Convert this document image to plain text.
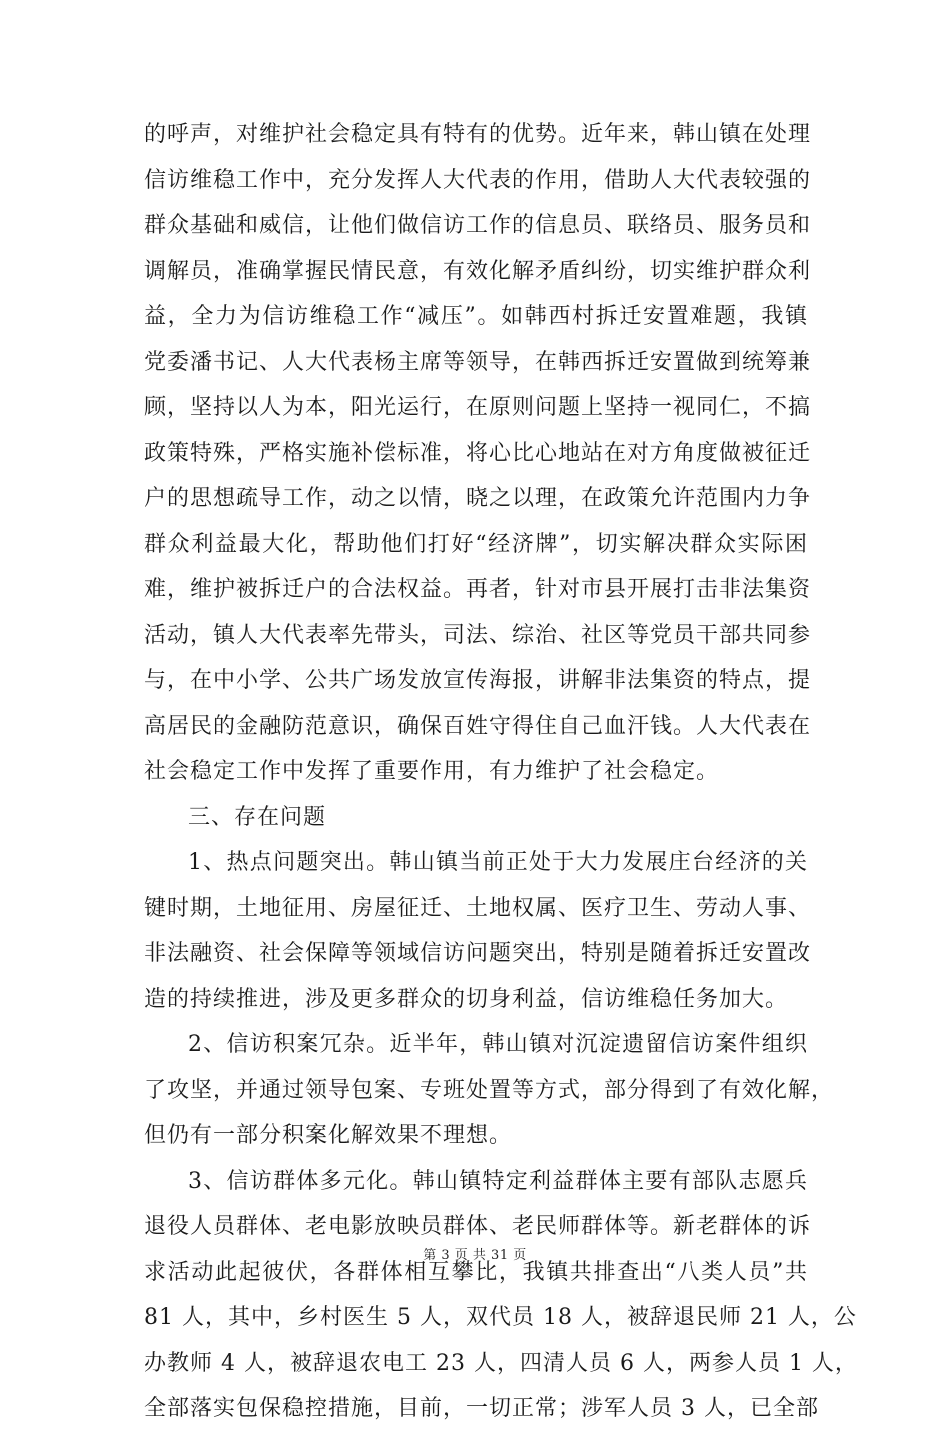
的呼声，对维护社会稳定具有特有的优势。近年来，韩山镇在处理
信访维稳工作中，充分发挥人大代表的作用，借助人大代表较强的
群众基础和威信，让他们做信访工作的信息员、联络员、服务员和
调解员，准确掌握民情民意，有效化解矛盾纠纷，切实维护群众利
益，全力为信访维稳工作“减压”。如韩西村拆迁安置难题，我镇
党委潘书记、人大代表杨主席等领导，在韩西拆迁安置做到统筹兼
顾，坚持以人为本，阳光运行，在原则问题上坚持一视同仁，不搞
政策特殊，严格实施补偿标准，将心比心地站在对方角度做被征迁
户的思想疏导工作，动之以情，晓之以理，在政策允许范围内力争
群众利益最大化，帮助他们打好“经济牌”，切实解决群众实际困
难，维护被拆迁户的合法权益。再者，针对市县开展打击非法集资
活动，镇人大代表率先带头，司法、综治、社区等党员干部共同参
与，在中小学、公共广场发放宣传海报，讲解非法集资的特点，提
高居民的金融防范意识，确保百姓守得住自己血汗钱。人大代表在
社会稳定工作中发挥了重要作用，有力维护了社会稳定。
三、存在问题
1、热点问题突出。韩山镇当前正处于大力发展庄台经济的关
键时期，土地征用、房屋征迁、土地权属、医疗卫生、劳动人事、
非法融资、社会保障等领域信访问题突出，特别是随着拆迁安置改
造的持续推进，涉及更多群众的切身利益，信访维稳任务加大。
2、信访积案冗杂。近半年，韩山镇对沉淀遗留信访案件组织
了攻坚，并通过领导包案、专班处置等方式，部分得到了有效化解，
但仍有一部分积案化解效果不理想。
3、信访群体多元化。韩山镇特定利益群体主要有部队志愿兵
退役人员群体、老电影放映员群体、老民师群体等。新老群体的诉
求活动此起彼伏，各群体相互攀比，我镇共排查出“八类人员”共
81 人，其中，乡村医生 5 人，双代员 18 人，被辞退民师 21 人，公
办教师 4 人，被辞退农电工 23 人，四清人员 6 人，两参人员 1 人，
全部落实包保稳控措施，目前，一切正常；涉军人员 3 人，已全部
第 3 页 共 31 页
